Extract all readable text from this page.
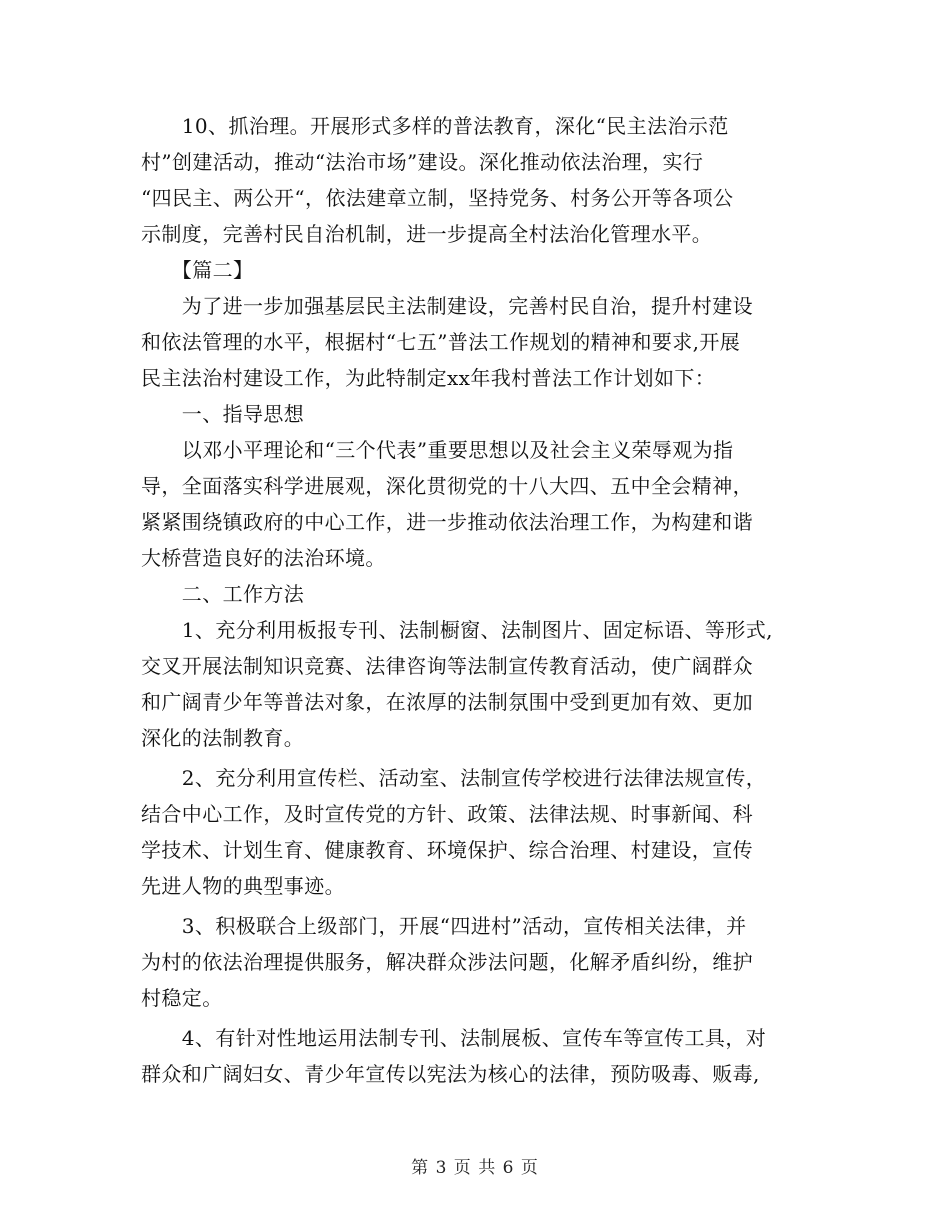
　　10、抓治理。开展形式多样的普法教育，深化“民主法治示范
村”创建活动，推动“法治市场”建设。深化推动依法治理，实行
“四民主、两公开“，依法建章立制，坚持党务、村务公开等各项公
示制度，完善村民自治机制，进一步提高全村法治化管理水平。
　　【篇二】
　　为了进一步加强基层民主法制建设，完善村民自治，提升村建设
和依法管理的水平，根据村“七五”普法工作规划的精神和要求,开展
民主法治村建设工作，为此特制定xx年我村普法工作计划如下：
　　一、指导思想
　　以邓小平理论和“三个代表”重要思想以及社会主义荣辱观为指
导，全面落实科学进展观，深化贯彻党的十八大四、五中全会精神，
紧紧围绕镇政府的中心工作，进一步推动依法治理工作，为构建和谐
大桥营造良好的法治环境。
　　二、工作方法
　　1、充分利用板报专刊、法制橱窗、法制图片、固定标语、等形式,
交叉开展法制知识竞赛、法律咨询等法制宣传教育活动，使广阔群众
和广阔青少年等普法对象，在浓厚的法制氛围中受到更加有效、更加
深化的法制教育。
　　2、充分利用宣传栏、活动室、法制宣传学校进行法律法规宣传，
结合中心工作，及时宣传党的方针、政策、法律法规、时事新闻、科
学技术、计划生育、健康教育、环境保护、综合治理、村建设，宣传
先进人物的典型事迹。
　　3、积极联合上级部门，开展“四进村”活动，宣传相关法律，并
为村的依法治理提供服务，解决群众涉法问题，化解矛盾纠纷，维护
村稳定。
　　4、有针对性地运用法制专刊、法制展板、宣传车等宣传工具，对
群众和广阔妇女、青少年宣传以宪法为核心的法律，预防吸毒、贩毒,
第 3 页 共 6 页
